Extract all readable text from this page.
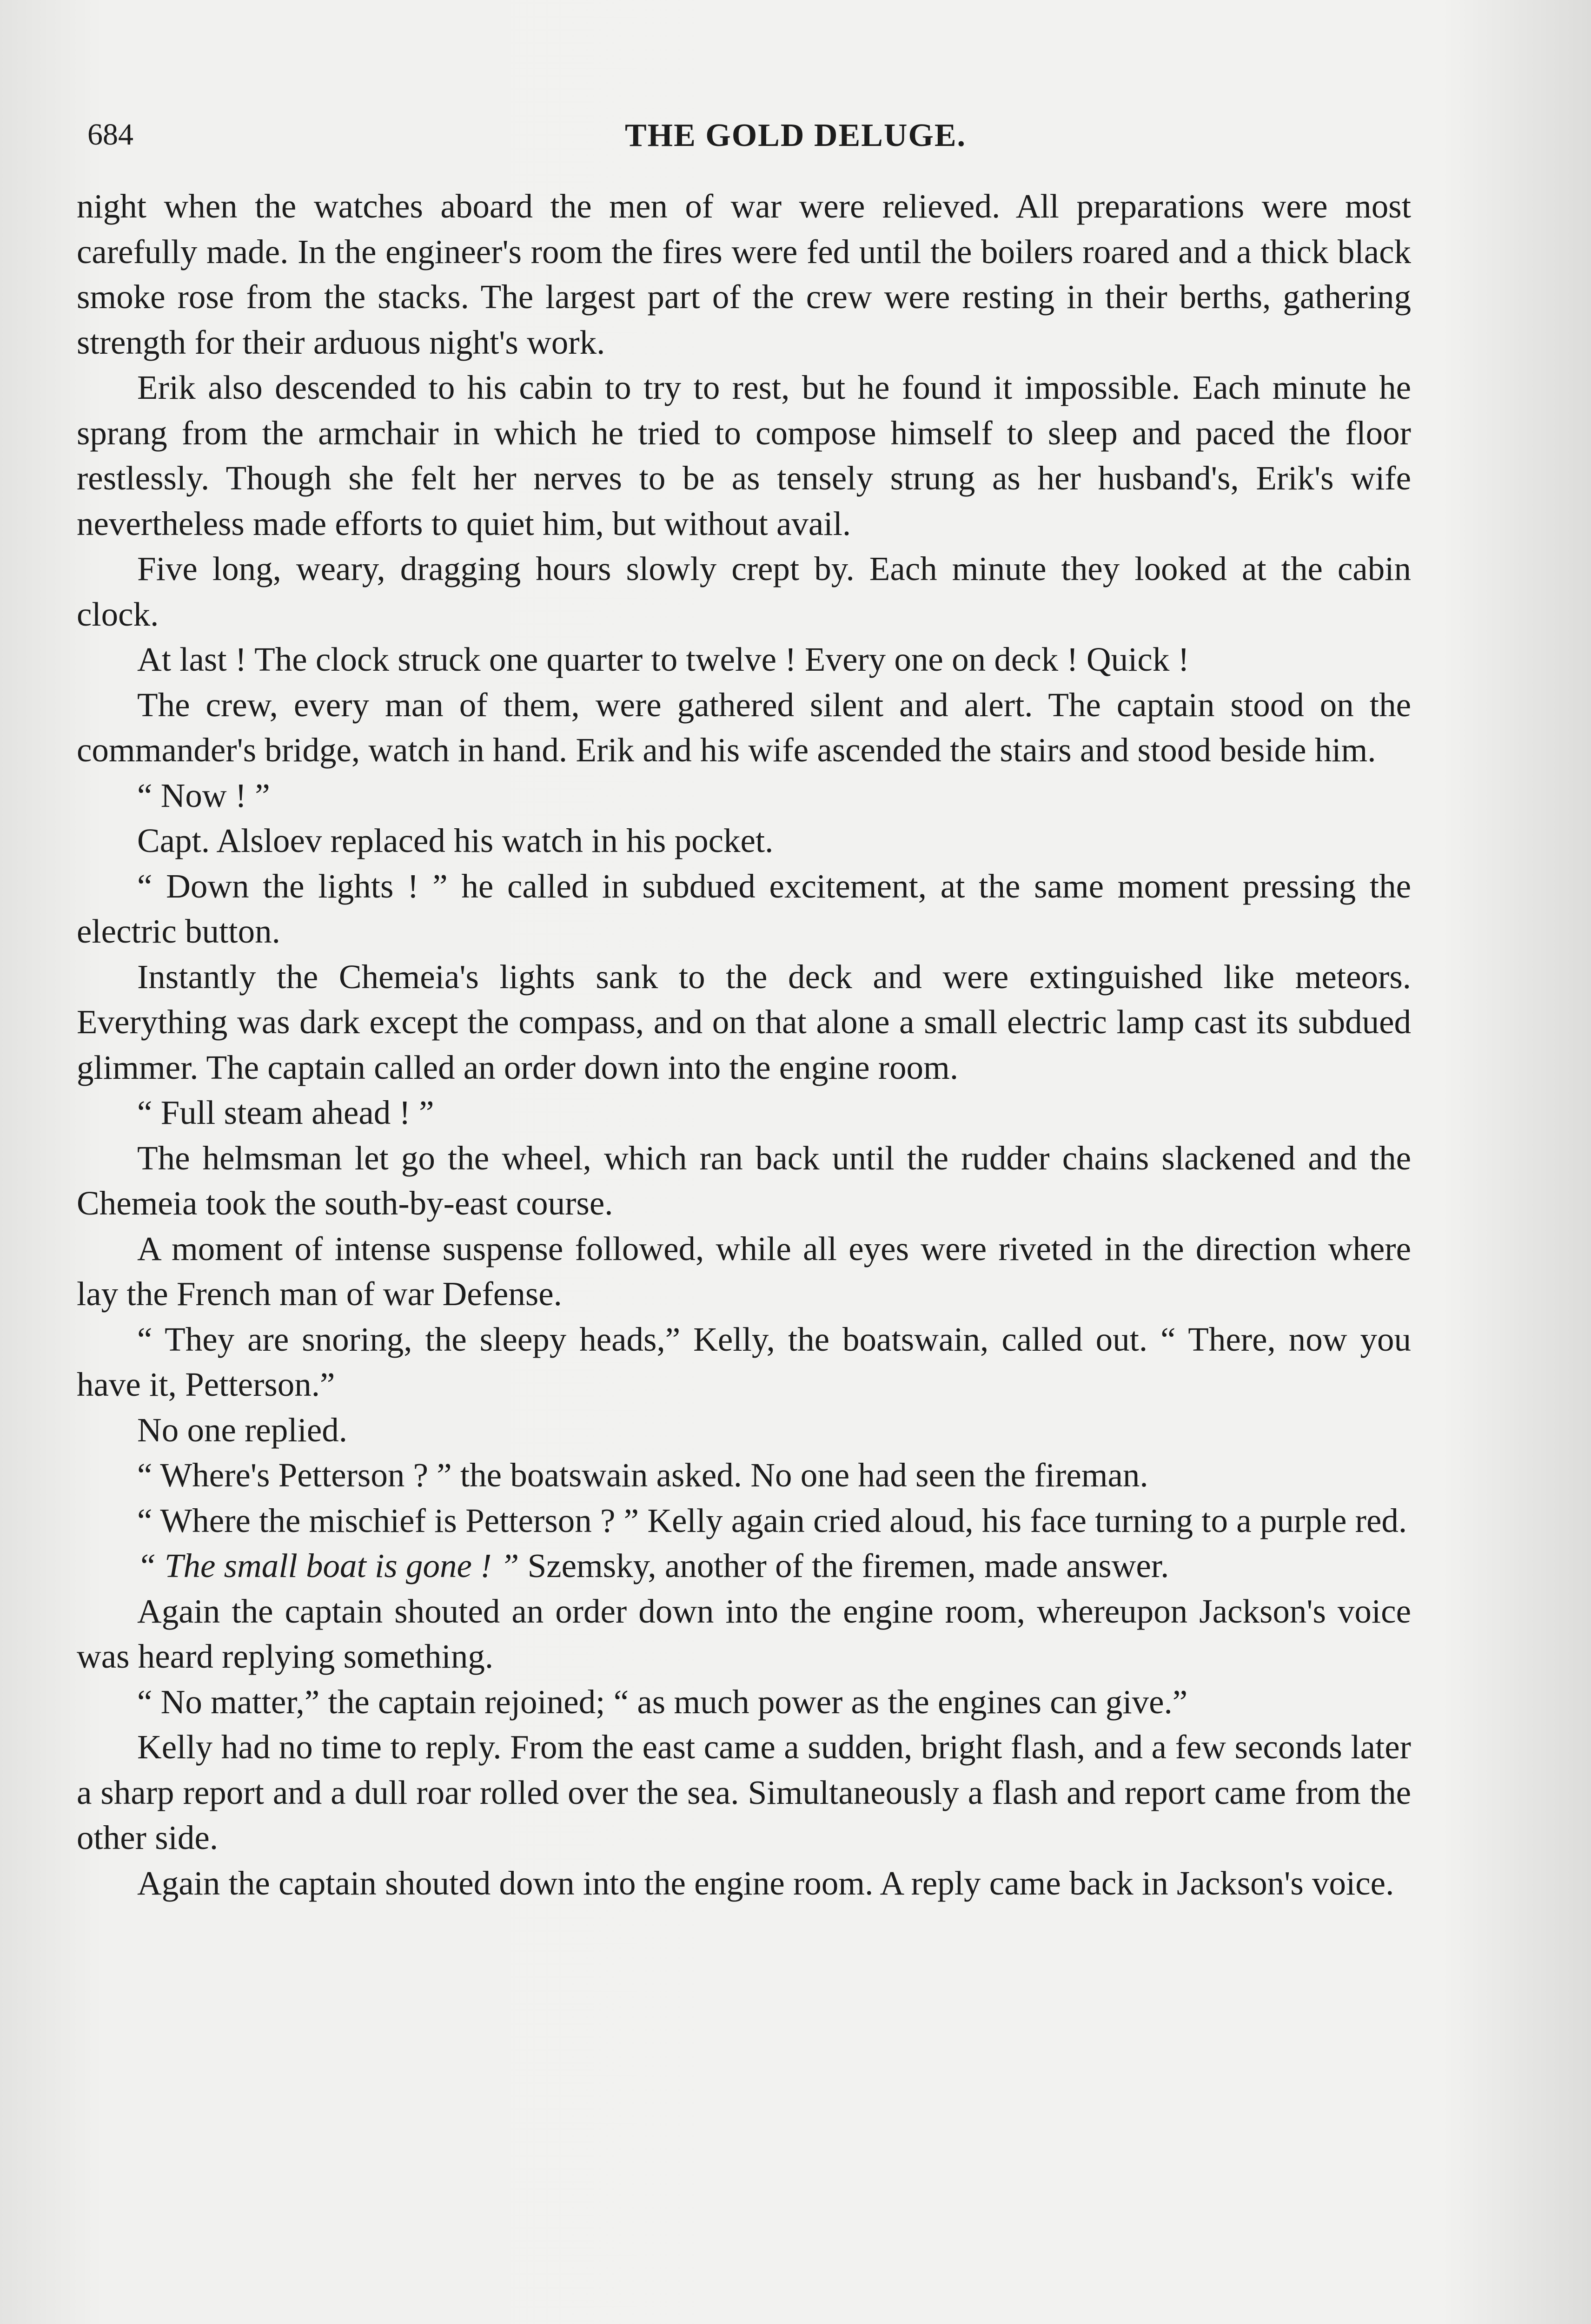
684	THE GOLD DELUGE.

night when the watches aboard the men of war were relieved. All preparations were most carefully made. In the engineer's room the fires were fed until the boilers roared and a thick black smoke rose from the stacks. The largest part of the crew were resting in their berths, gathering strength for their arduous night's work.

Erik also descended to his cabin to try to rest, but he found it impossible. Each minute he sprang from the armchair in which he tried to compose himself to sleep and paced the floor restlessly. Though she felt her nerves to be as tensely strung as her husband's, Erik's wife nevertheless made efforts to quiet him, but without avail.

Five long, weary, dragging hours slowly crept by. Each minute they looked at the cabin clock.

At last ! The clock struck one quarter to twelve ! Every one on deck ! Quick !

The crew, every man of them, were gathered silent and alert. The captain stood on the commander's bridge, watch in hand. Erik and his wife ascended the stairs and stood beside him.

“ Now ! ”

Capt. Alsloev replaced his watch in his pocket.

“ Down the lights ! ” he called in subdued excitement, at the same moment pressing the electric button.

Instantly the Chemeia's lights sank to the deck and were extinguished like meteors. Everything was dark except the compass, and on that alone a small electric lamp cast its subdued glimmer. The captain called an order down into the engine room.

“ Full steam ahead ! ”

The helmsman let go the wheel, which ran back until the rudder chains slackened and the Chemeia took the south-by-east course.

A moment of intense suspense followed, while all eyes were riveted in the direction where lay the French man of war Defense.

“ They are snoring, the sleepy heads,” Kelly, the boatswain, called out. “ There, now you have it, Petterson.”

No one replied.

“ Where's Petterson ? ” the boatswain asked. No one had seen the fireman.

“ Where the mischief is Petterson ? ” Kelly again cried aloud, his face turning to a purple red.

“ The small boat is gone ! ” Szemsky, another of the firemen, made answer.

Again the captain shouted an order down into the engine room, whereupon Jackson's voice was heard replying something.

“ No matter,” the captain rejoined; “ as much power as the engines can give.”

Kelly had no time to reply. From the east came a sudden, bright flash, and a few seconds later a sharp report and a dull roar rolled over the sea. Simultaneously a flash and report came from the other side.

Again the captain shouted down into the engine room. A reply came back in Jackson's voice.
